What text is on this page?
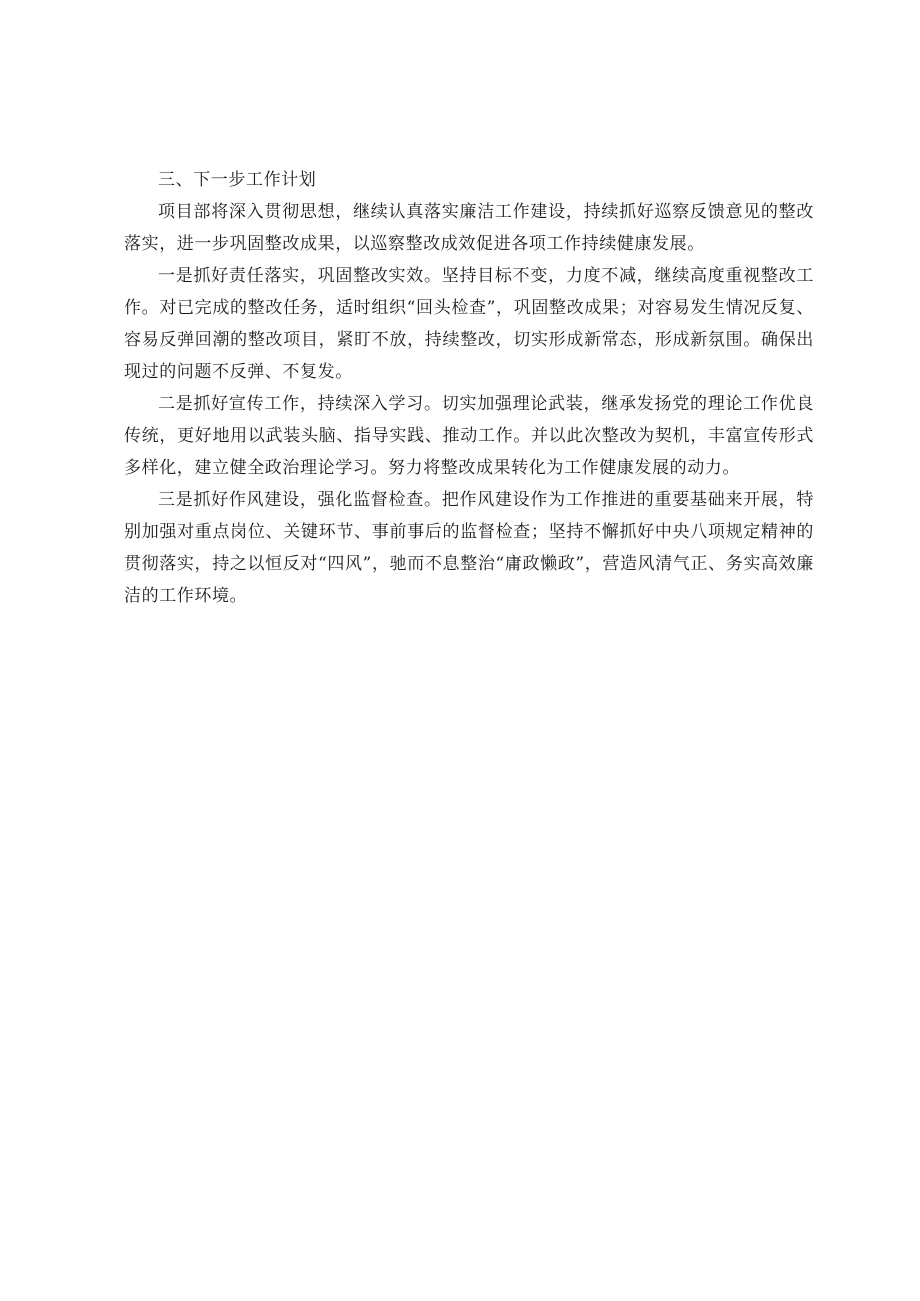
三、下一步工作计划

项目部将深入贯彻思想，继续认真落实廉洁工作建设，持续抓好巡察反馈意见的整改落实，进一步巩固整改成果，以巡察整改成效促进各项工作持续健康发展。

一是抓好责任落实，巩固整改实效。坚持目标不变，力度不减，继续高度重视整改工作。对已完成的整改任务，适时组织“回头检查”，巩固整改成果；对容易发生情况反复、容易反弹回潮的整改项目，紧盯不放，持续整改，切实形成新常态，形成新氛围。确保出现过的问题不反弹、不复发。

二是抓好宣传工作，持续深入学习。切实加强理论武装，继承发扬党的理论工作优良传统，更好地用以武装头脑、指导实践、推动工作。并以此次整改为契机，丰富宣传形式多样化，建立健全政治理论学习。努力将整改成果转化为工作健康发展的动力。

三是抓好作风建设，强化监督检查。把作风建设作为工作推进的重要基础来开展，特别加强对重点岗位、关键环节、事前事后的监督检查；坚持不懈抓好中央八项规定精神的贯彻落实，持之以恒反对“四风”，驰而不息整治“庸政懒政”，营造风清气正、务实高效廉洁的工作环境。
